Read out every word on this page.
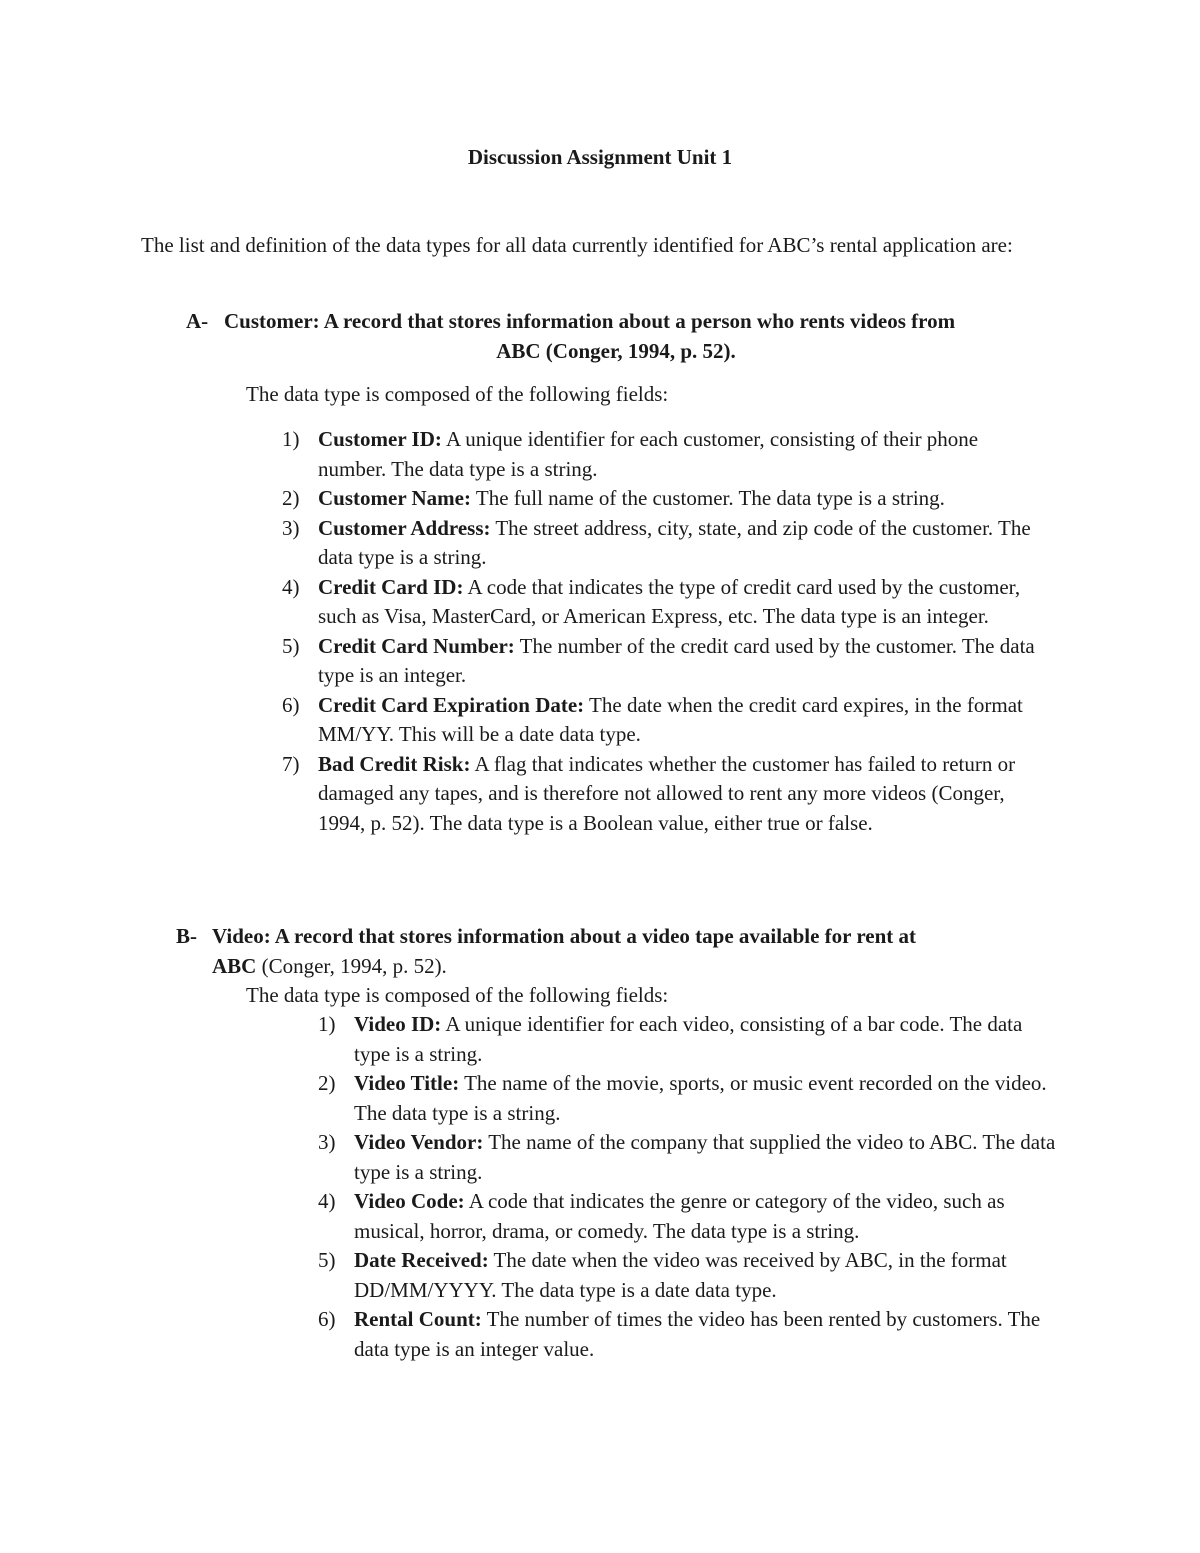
Discussion Assignment Unit 1

The list and definition of the data types for all data currently identified for ABC’s rental application are:

A- Customer: A record that stores information about a person who rents videos from
ABC (Conger, 1994, p. 52).

The data type is composed of the following fields:

1) Customer ID: A unique identifier for each customer, consisting of their phone number. The data type is a string.
2) Customer Name: The full name of the customer. The data type is a string.
3) Customer Address: The street address, city, state, and zip code of the customer. The data type is a string.
4) Credit Card ID: A code that indicates the type of credit card used by the customer, such as Visa, MasterCard, or American Express, etc. The data type is an integer.
5) Credit Card Number: The number of the credit card used by the customer. The data type is an integer.
6) Credit Card Expiration Date: The date when the credit card expires, in the format MM/YY. This will be a date data type.
7) Bad Credit Risk: A flag that indicates whether the customer has failed to return or damaged any tapes, and is therefore not allowed to rent any more videos (Conger, 1994, p. 52). The data type is a Boolean value, either true or false.
B- Video: A record that stores information about a video tape available for rent at
ABC (Conger, 1994, p. 52).

The data type is composed of the following fields:

1) Video ID: A unique identifier for each video, consisting of a bar code. The data type is a string.
2) Video Title: The name of the movie, sports, or music event recorded on the video. The data type is a string.
3) Video Vendor: The name of the company that supplied the video to ABC. The data type is a string.
4) Video Code: A code that indicates the genre or category of the video, such as musical, horror, drama, or comedy. The data type is a string.
5) Date Received: The date when the video was received by ABC, in the format DD/MM/YYYY. The data type is a date data type.
6) Rental Count: The number of times the video has been rented by customers. The data type is an integer value.
